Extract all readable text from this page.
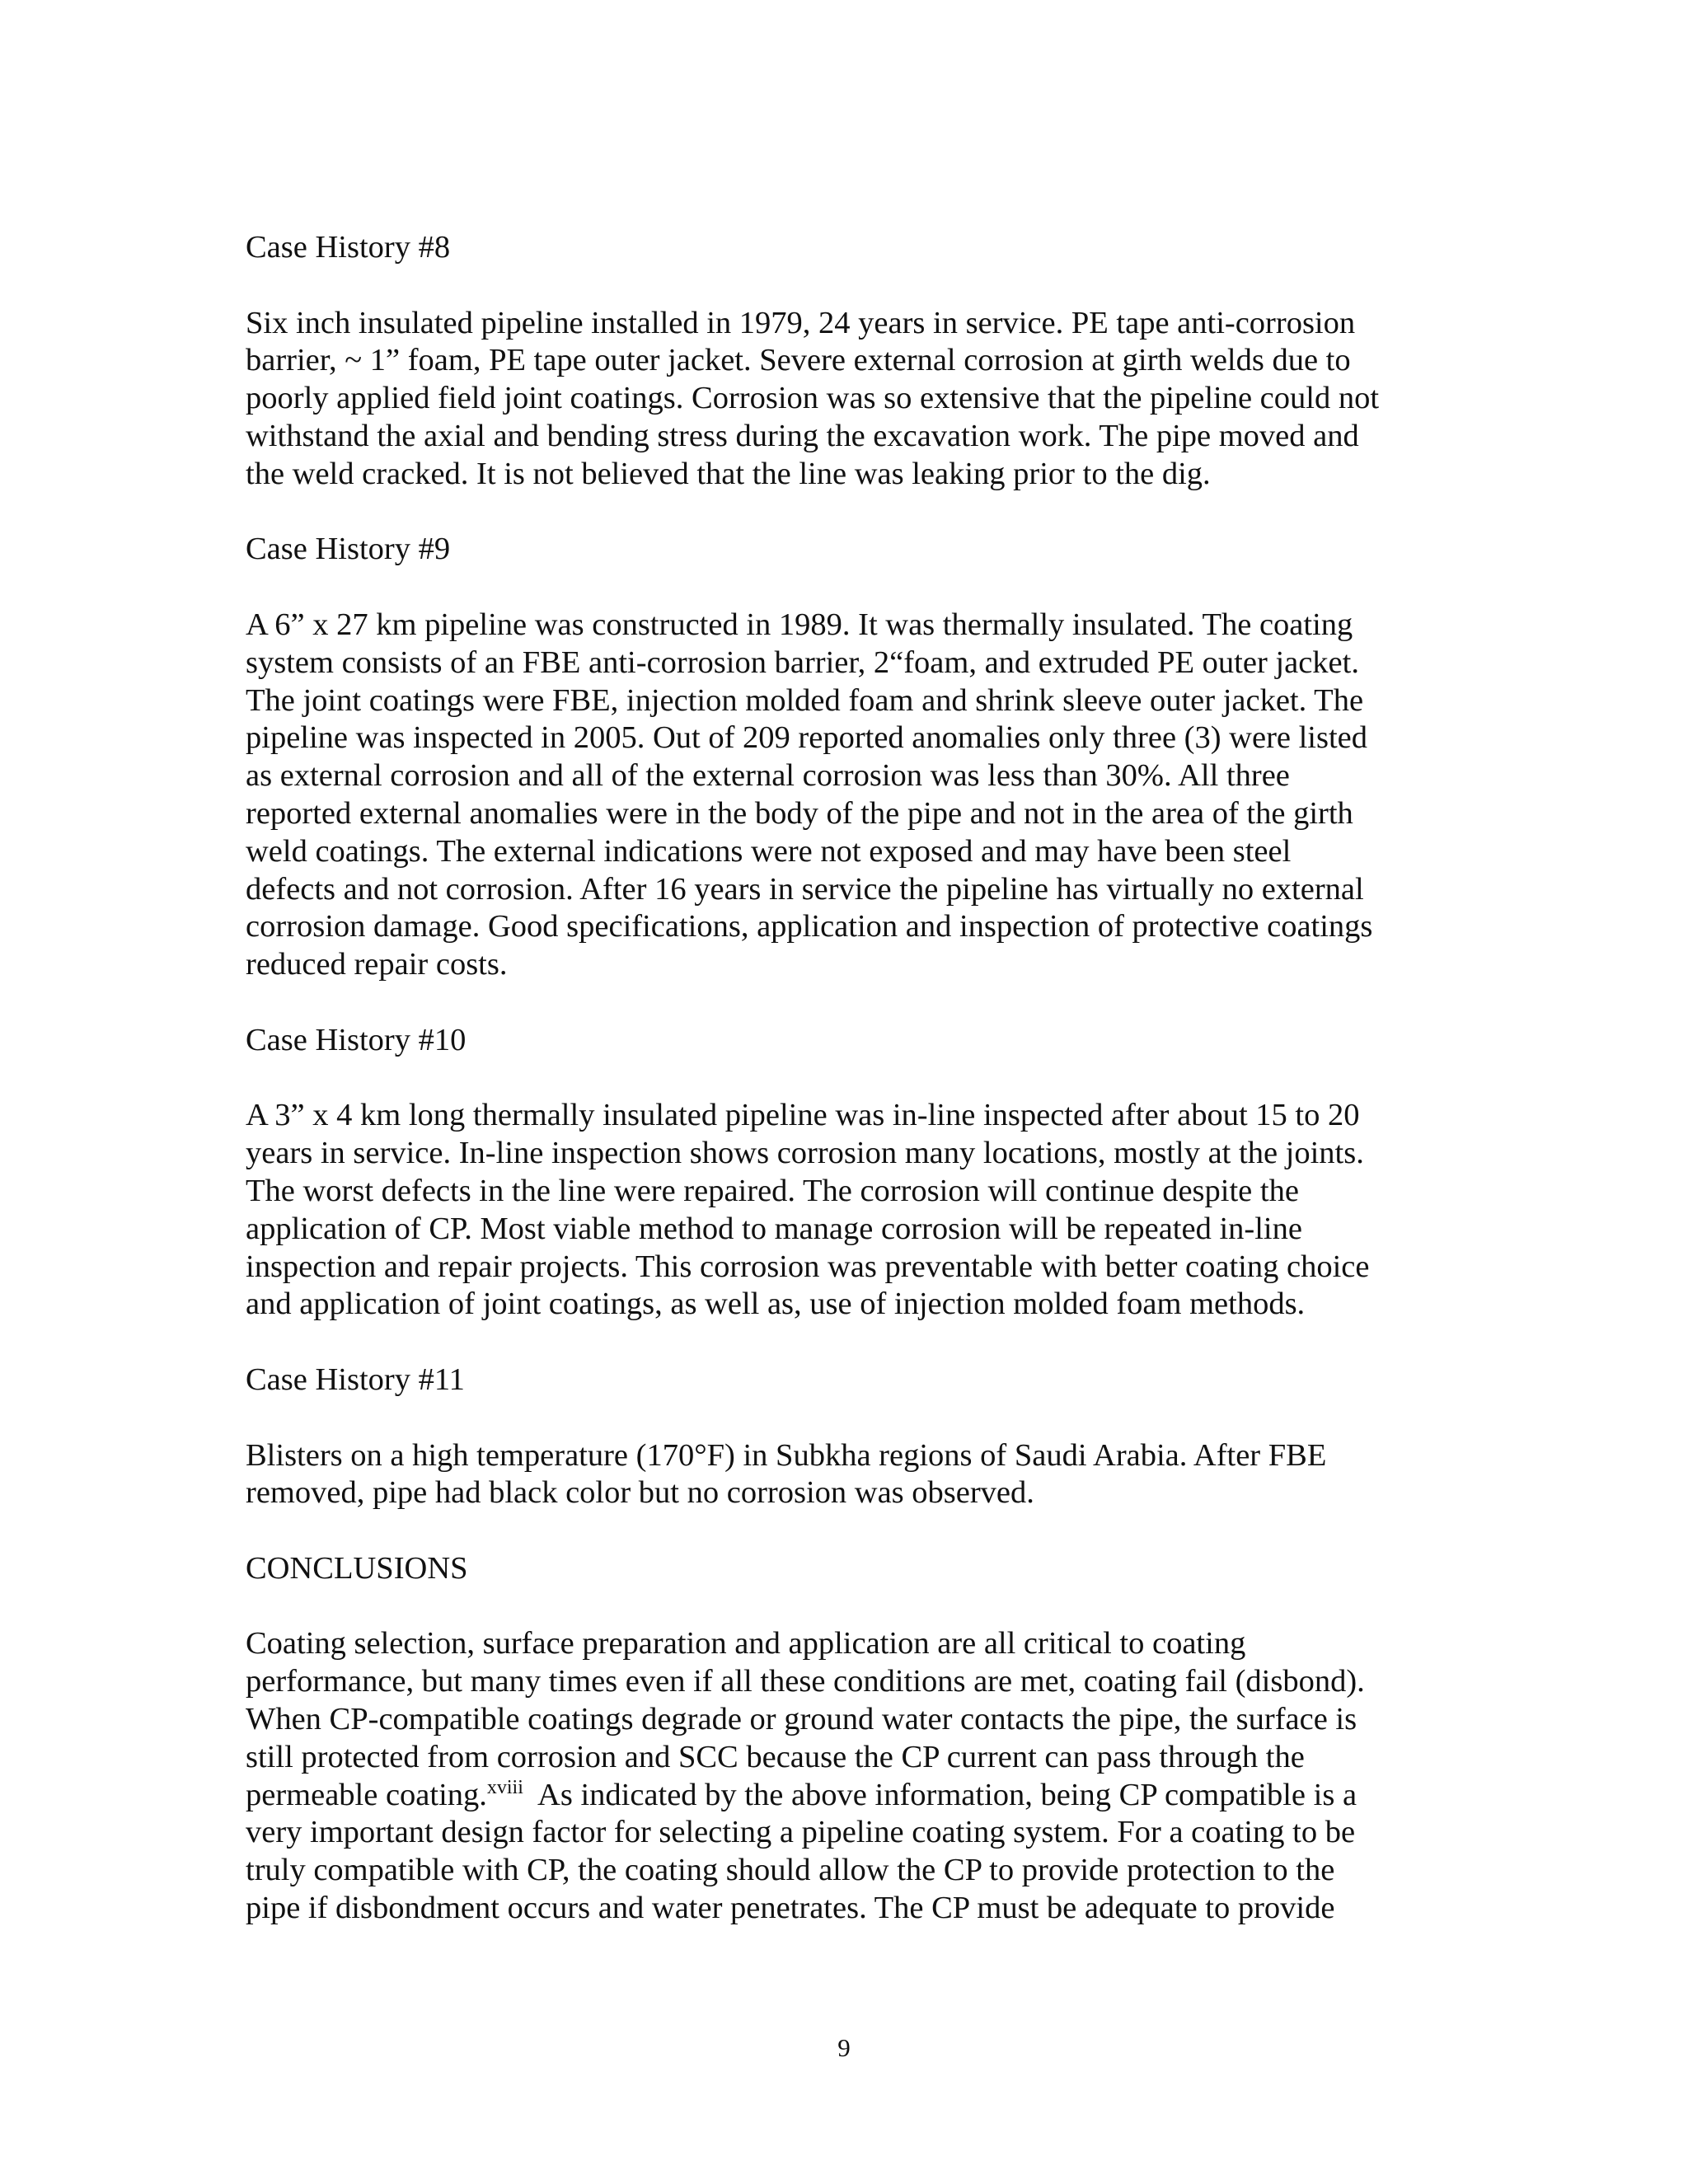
Case History #8
Six inch insulated pipeline installed in 1979, 24 years in service. PE tape anti-corrosion
barrier, ~ 1” foam, PE tape outer jacket. Severe external corrosion at girth welds due to
poorly applied field joint coatings. Corrosion was so extensive that the pipeline could not
withstand the axial and bending stress during the excavation work. The pipe moved and
the weld cracked. It is not believed that the line was leaking prior to the dig.
Case History #9
A 6” x 27 km pipeline was constructed in 1989. It was thermally insulated. The coating
system consists of an FBE anti-corrosion barrier, 2“foam, and extruded PE outer jacket.
The joint coatings were FBE, injection molded foam and shrink sleeve outer jacket. The
pipeline was inspected in 2005. Out of 209 reported anomalies only three (3) were listed
as external corrosion and all of the external corrosion was less than 30%. All three
reported external anomalies were in the body of the pipe and not in the area of the girth
weld coatings. The external indications were not exposed and may have been steel
defects and not corrosion. After 16 years in service the pipeline has virtually no external
corrosion damage. Good specifications, application and inspection of protective coatings
reduced repair costs.
Case History #10
A 3” x 4 km long thermally insulated pipeline was in-line inspected after about 15 to 20
years in service. In-line inspection shows corrosion many locations, mostly at the joints.
The worst defects in the line were repaired. The corrosion will continue despite the
application of CP. Most viable method to manage corrosion will be repeated in-line
inspection and repair projects. This corrosion was preventable with better coating choice
and application of joint coatings, as well as, use of injection molded foam methods.
Case History #11
Blisters on a high temperature (170°F) in Subkha regions of Saudi Arabia. After FBE
removed, pipe had black color but no corrosion was observed.
CONCLUSIONS
Coating selection, surface preparation and application are all critical to coating
performance, but many times even if all these conditions are met, coating fail (disbond).
When CP-compatible coatings degrade or ground water contacts the pipe, the surface is
still protected from corrosion and SCC because the CP current can pass through the
permeable coating.$^{xviii}$  As indicated by the above information, being CP compatible is a
very important design factor for selecting a pipeline coating system. For a coating to be
truly compatible with CP, the coating should allow the CP to provide protection to the
pipe if disbondment occurs and water penetrates. The CP must be adequate to provide
9
